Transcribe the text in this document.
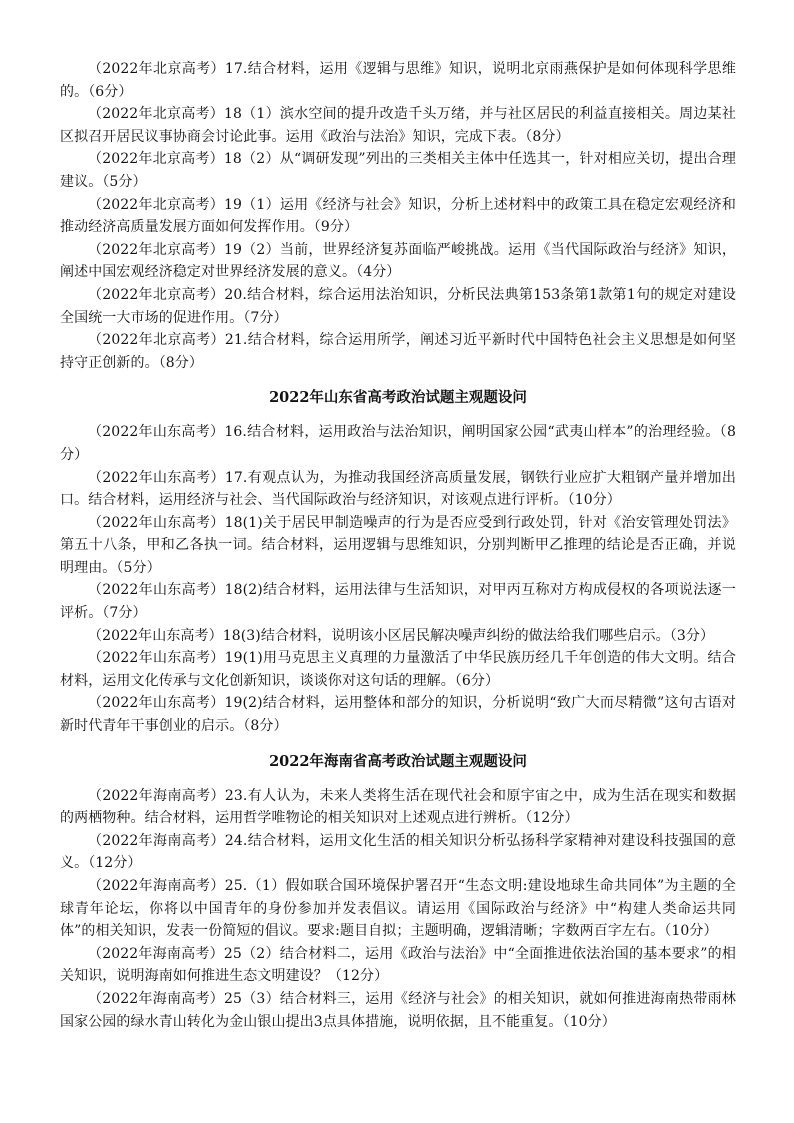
（2022年北京高考）17.结合材料，运用《逻辑与思维》知识，说明北京雨燕保护是如何体现科学思维的。（6分）

（2022年北京高考）18（1）滨水空间的提升改造千头万绪，并与社区居民的利益直接相关。周边某社区拟召开居民议事协商会讨论此事。运用《政治与法治》知识，完成下表。（8分）

（2022年北京高考）18（2）从“调研发现”列出的三类相关主体中任选其一，针对相应关切，提出合理建议。（5分）

（2022年北京高考）19（1）运用《经济与社会》知识，分析上述材料中的政策工具在稳定宏观经济和推动经济高质量发展方面如何发挥作用。（9分）

（2022年北京高考）19（2）当前，世界经济复苏面临严峻挑战。运用《当代国际政治与经济》知识，阐述中国宏观经济稳定对世界经济发展的意义。（4分）

（2022年北京高考）20.结合材料，综合运用法治知识，分析民法典第153条第1款第1句的规定对建设全国统一大市场的促进作用。（7分）

（2022年北京高考）21.结合材料，综合运用所学，阐述习近平新时代中国特色社会主义思想是如何坚持守正创新的。（8分）

2022年山东省高考政治试题主观题设问

（2022年山东高考）16.结合材料，运用政治与法治知识，阐明国家公园“武夷山样本”的治理经验。（8分）

（2022年山东高考）17.有观点认为，为推动我国经济高质量发展，钢铁行业应扩大粗钢产量并增加出口。结合材料，运用经济与社会、当代国际政治与经济知识，对该观点进行评析。（10分）

（2022年山东高考）18(1)关于居民甲制造噪声的行为是否应受到行政处罚，针对《治安管理处罚法》第五十八条，甲和乙各执一词。结合材料，运用逻辑与思维知识，分别判断甲乙推理的结论是否正确，并说明理由。（5分）

（2022年山东高考）18(2)结合材料，运用法律与生活知识，对甲丙互称对方构成侵权的各项说法逐一评析。（7分）

（2022年山东高考）18(3)结合材料，说明该小区居民解决噪声纠纷的做法给我们哪些启示。（3分）

（2022年山东高考）19(1)用马克思主义真理的力量激活了中华民族历经几千年创造的伟大文明。结合材料，运用文化传承与文化创新知识，谈谈你对这句话的理解。（6分）

（2022年山东高考）19(2)结合材料，运用整体和部分的知识，分析说明“致广大而尽精微”这句古语对新时代青年干事创业的启示。（8分）

2022年海南省高考政治试题主观题设问

（2022年海南高考）23.有人认为，未来人类将生活在现代社会和原宇宙之中，成为生活在现实和数据的两栖物种。结合材料，运用哲学唯物论的相关知识对上述观点进行辨析。（12分）

（2022年海南高考）24.结合材料，运用文化生活的相关知识分析弘扬科学家精神对建设科技强国的意义。（12分）

（2022年海南高考）25.（1）假如联合国环境保护署召开“生态文明:建设地球生命共同体”为主题的全球青年论坛，你将以中国青年的身份参加并发表倡议。请运用《国际政治与经济》中“构建人类命运共同体”的相关知识，发表一份简短的倡议。要求:题目自拟；主题明确，逻辑清晰；字数两百字左右。（10分）

（2022年海南高考）25（2）结合材料二，运用《政治与法治》中“全面推进依法治国的基本要求”的相关知识，说明海南如何推进生态文明建设？（12分）

（2022年海南高考）25（3）结合材料三，运用《经济与社会》的相关知识，就如何推进海南热带雨林国家公园的绿水青山转化为金山银山提出3点具体措施，说明依据，且不能重复。（10分）
